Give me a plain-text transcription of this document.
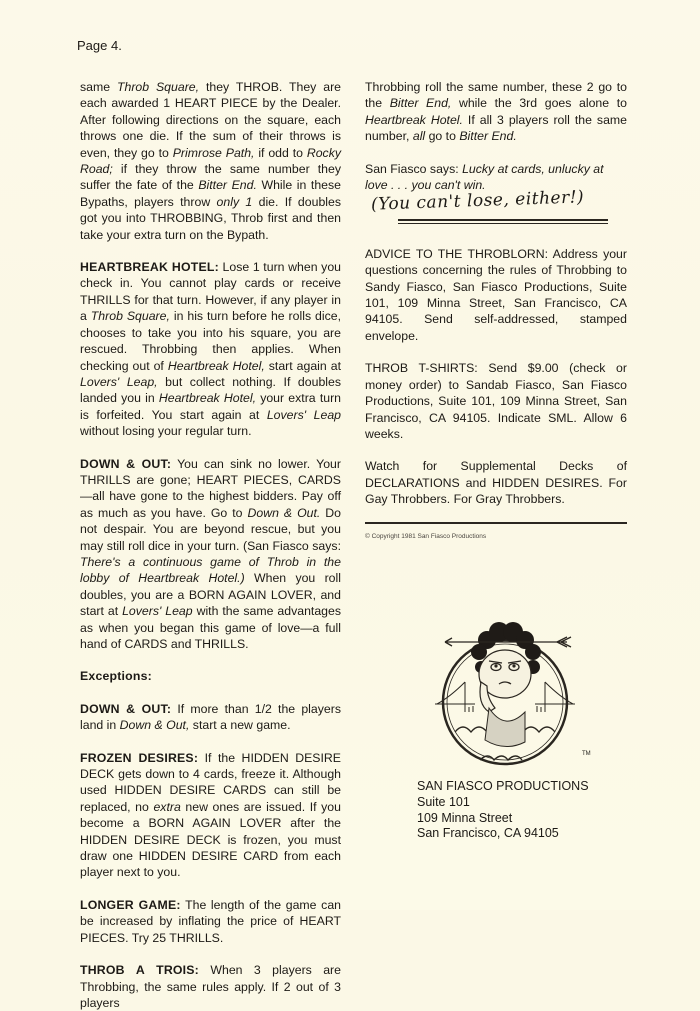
Page 4.

same Throb Square, they THROB. They are each awarded 1 HEART PIECE by the Dealer. After following directions on the square, each throws one die. If the sum of their throws is even, they go to Primrose Path, if odd to Rocky Road; if they throw the same number they suffer the fate of the Bitter End. While in these Bypaths, players throw only 1 die. If doubles got you into THROBBING, Throb first and then take your extra turn on the Bypath.

HEARTBREAK HOTEL: Lose 1 turn when you check in. You cannot play cards or receive THRILLS for that turn. However, if any player in a Throb Square, in his turn before he rolls dice, chooses to take you into his square, you are rescued. Throbbing then applies. When checking out of Heartbreak Hotel, start again at Lovers' Leap, but collect nothing. If doubles landed you in Heartbreak Hotel, your extra turn is forfeited. You start again at Lovers' Leap without losing your regular turn.

DOWN & OUT: You can sink no lower. Your THRILLS are gone; HEART PIECES, CARDS—all have gone to the highest bidders. Pay off as much as you have. Go to Down & Out. Do not despair. You are beyond rescue, but you may still roll dice in your turn. (San Fiasco says: There's a continuous game of Throb in the lobby of Heartbreak Hotel.) When you roll doubles, you are a BORN AGAIN LOVER, and start at Lovers' Leap with the same advantages as when you began this game of love—a full hand of CARDS and THRILLS.

Exceptions:

DOWN & OUT: If more than 1/2 the players land in Down & Out, start a new game.

FROZEN DESIRES: If the HIDDEN DESIRE DECK gets down to 4 cards, freeze it. Although used HIDDEN DESIRE CARDS can still be replaced, no extra new ones are issued. If you become a BORN AGAIN LOVER after the HIDDEN DESIRE DECK is frozen, you must draw one HIDDEN DESIRE CARD from each player next to you.

LONGER GAME: The length of the game can be increased by inflating the price of HEART PIECES. Try 25 THRILLS.

THROB A TROIS: When 3 players are Throbbing, the same rules apply. If 2 out of 3 players

Throbbing roll the same number, these 2 go to the Bitter End, while the 3rd goes alone to Heartbreak Hotel. If all 3 players roll the same number, all go to Bitter End.

San Fiasco says: Lucky at cards, unlucky at love . . . you can't win.(You can't lose, either!)

ADVICE TO THE THROBLORN: Address your questions concerning the rules of Throbbing to Sandy Fiasco, San Fiasco Productions, Suite 101, 109 Minna Street, San Francisco, CA 94105. Send self-addressed, stamped envelope.

THROB T-SHIRTS: Send $9.00 (check or money order) to Sandab Fiasco, San Fiasco Productions, Suite 101, 109 Minna Street, San Francisco, CA 94105. Indicate SML. Allow 6 weeks.

Watch for Supplemental Decks of DECLARATIONS and HIDDEN DESIRES. For Gay Throbbers. For Gray Throbbers.

© Copyright 1981 San Fiasco Productions
TM
SAN FIASCO PRODUCTIONS
Suite 101
109 Minna Street
San Francisco, CA 94105
